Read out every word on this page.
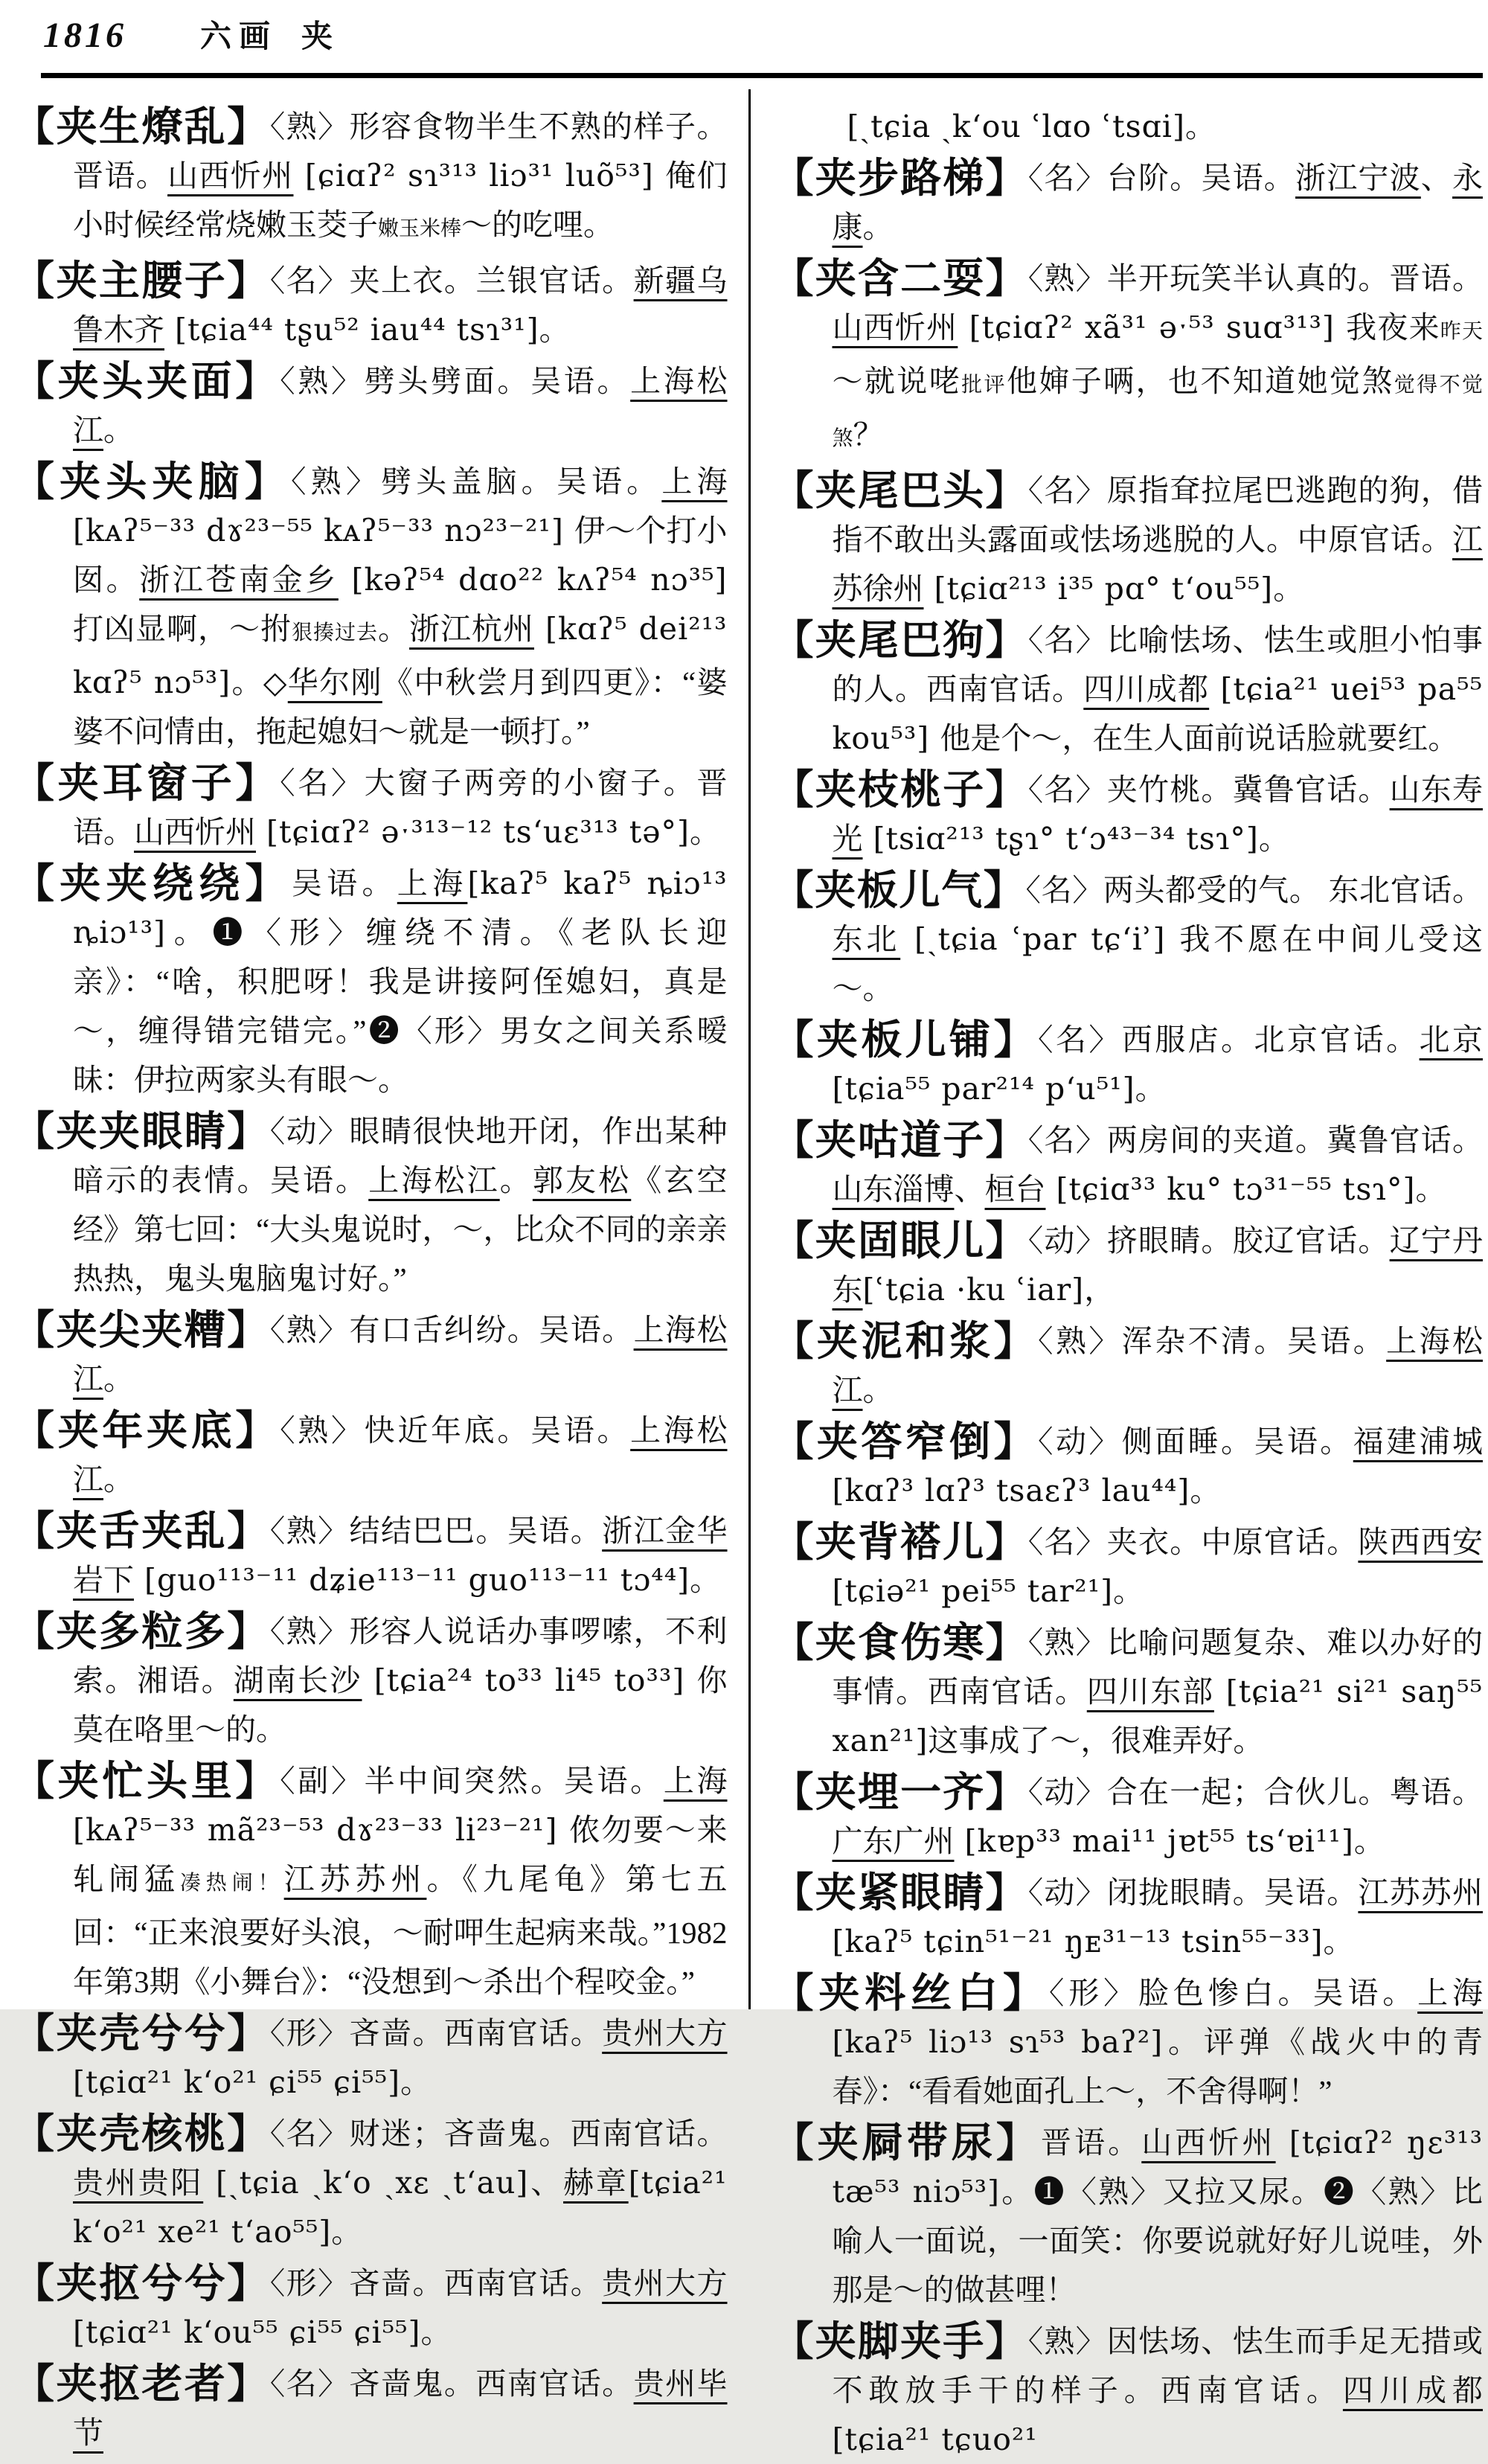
1816 六画 夹

【夹生燎乱】〈熟〉形容食物半生不熟的样子。晋语。山西忻州 [ɕiɑʔ² sɿ³¹³ liɔ³¹ luõ⁵³] 俺们小时候经常烧嫩玉茭子嫩玉米棒～的吃哩。

【夹主腰子】〈名〉夹上衣。兰银官话。新疆乌鲁木齐 [tɕia⁴⁴ tʂu⁵² iau⁴⁴ tsɿ³¹]。

【夹头夹面】〈熟〉劈头劈面。吴语。上海松江。

【夹头夹脑】〈熟〉劈头盖脑。吴语。上海 [kᴀʔ⁵⁻³³ dɤ²³⁻⁵⁵ kᴀʔ⁵⁻³³ nɔ²³⁻²¹] 伊～个打小囡。浙江苍南金乡 [kəʔ⁵⁴ dɑo²² kʌʔ⁵⁴ nɔ³⁵] 打凶显啊，～拊狠揍过去。浙江杭州 [kɑʔ⁵ dei²¹³ kɑʔ⁵ nɔ⁵³]。◇华尔刚《中秋尝月到四更》：“婆婆不问情由，拖起媳妇～就是一顿打。”

【夹耳窗子】〈名〉大窗子两旁的小窗子。晋语。山西忻州 [tɕiɑʔ² əˑ³¹³⁻¹² tsʻuɛ³¹³ tə°]。

【夹夹绕绕】吴语。上海[kaʔ⁵ kaʔ⁵ ȵiɔ¹³ ȵiɔ¹³]。❶〈形〉缠绕不清。《老队长迎亲》：“啥，积肥呀！我是讲接阿侄媳妇，真是～，缠得错完错完。”❷〈形〉男女之间关系暧昧：伊拉两家头有眼～。

【夹夹眼睛】〈动〉眼睛很快地开闭，作出某种暗示的表情。吴语。上海松江。郭友松《玄空经》第七回：“大头鬼说时，～，比众不同的亲亲热热，鬼头鬼脑鬼讨好。”

【夹尖夹糟】〈熟〉有口舌纠纷。吴语。上海松江。

【夹年夹底】〈熟〉快近年底。吴语。上海松江。

【夹舌夹乱】〈熟〉结结巴巴。吴语。浙江金华岩下 [guo¹¹³⁻¹¹ dʑie¹¹³⁻¹¹ guo¹¹³⁻¹¹ tɔ⁴⁴]。

【夹多粒多】〈熟〉形容人说话办事啰嗦，不利索。湘语。湖南长沙 [tɕia²⁴ to³³ li⁴⁵ to³³] 你莫在咯里～的。

【夹忙头里】〈副〉半中间突然。吴语。上海 [kᴀʔ⁵⁻³³ mã²³⁻⁵³ dɤ²³⁻³³ li²³⁻²¹] 侬勿要～来轧闹猛凑热闹！江苏苏州。《九尾龟》第七五回：“正来浪要好头浪，～耐呷生起病来哉。”1982年第3期《小舞台》：“没想到～杀出个程咬金。”

【夹壳兮兮】〈形〉吝啬。西南官话。贵州大方[tɕiɑ²¹ kʻo²¹ ɕi⁵⁵ ɕi⁵⁵]。

【夹壳核桃】〈名〉财迷；吝啬鬼。西南官话。贵州贵阳 [ˏtɕia ˏkʻo ˏxɛ ˎtʻau]、赫章[tɕia²¹ kʻo²¹ xe²¹ tʻao⁵⁵]。

【夹抠兮兮】〈形〉吝啬。西南官话。贵州大方[tɕiɑ²¹ kʻou⁵⁵ ɕi⁵⁵ ɕi⁵⁵]。

【夹抠老者】〈名〉吝啬鬼。西南官话。贵州毕节

[ˏtɕia ˎkʻou ʿlɑo ʿtsɑi]。

【夹步路梯】〈名〉台阶。吴语。浙江宁波、永康。

【夹含二耍】〈熟〉半开玩笑半认真的。晋语。山西忻州 [tɕiɑʔ² xã³¹ əˑ⁵³ suɑ³¹³] 我夜来昨天～就说咾批评他婶子唡，也不知道她觉煞觉得不觉煞？

【夹尾巴头】〈名〉原指耷拉尾巴逃跑的狗，借指不敢出头露面或怯场逃脱的人。中原官话。江苏徐州 [tɕiɑ²¹³ i³⁵ pɑ° tʻou⁵⁵]。

【夹尾巴狗】〈名〉比喻怯场、怯生或胆小怕事的人。西南官话。四川成都 [tɕia²¹ uei⁵³ pa⁵⁵ kou⁵³] 他是个～，在生人面前说话脸就要红。

【夹枝桃子】〈名〉夹竹桃。冀鲁官话。山东寿光 [tsiɑ²¹³ tʂɿ° tʻɔ⁴³⁻³⁴ tsɿ°]。

【夹板儿气】〈名〉两头都受的气。 东北官话。东北 [ˏtɕia ʿpar tɕʻiʾ] 我不愿在中间儿受这～。

【夹板儿铺】〈名〉西服店。北京官话。北京 [tɕia⁵⁵ par²¹⁴ pʻu⁵¹]。

【夹咕道子】〈名〉两房间的夹道。冀鲁官话。山东淄博、桓台 [tɕiɑ³³ ku° tɔ³¹⁻⁵⁵ tsɿ°]。

【夹固眼儿】〈动〉挤眼睛。胶辽官话。辽宁丹东[ʿtɕia ·ku ʿiar]，

【夹泥和浆】〈熟〉浑杂不清。吴语。上海松江。

【夹答窄倒】〈动〉侧面睡。吴语。福建浦城 [kɑʔ³ lɑʔ³ tsaɛʔ³ lau⁴⁴]。

【夹背褡儿】〈名〉夹衣。中原官话。陕西西安[tɕiə²¹ pei⁵⁵ tar²¹]。

【夹食伤寒】〈熟〉比喻问题复杂、难以办好的事情。西南官话。四川东部 [tɕia²¹ si²¹ saŋ⁵⁵ xan²¹]这事成了～，很难弄好。

【夹埋一齐】〈动〉合在一起；合伙儿。粤语。广东广州 [kɐp³³ mai¹¹ jɐt⁵⁵ tsʻɐi¹¹]。

【夹紧眼睛】〈动〉闭拢眼睛。吴语。江苏苏州 [kaʔ⁵ tɕin⁵¹⁻²¹ ŋᴇ³¹⁻¹³ tsin⁵⁵⁻³³]。

【夹料丝白】〈形〉脸色惨白。吴语。上海[kaʔ⁵ liɔ¹³ sɿ⁵³ baʔ²]。评弹《战火中的青春》：“看看她面孔上～，不舍得啊！”

【夹屙带尿】晋语。山西忻州 [tɕiɑʔ² ŋɛ³¹³ tæ⁵³ niɔ⁵³]。❶〈熟〉又拉又尿。❷〈熟〉比喻人一面说，一面笑：你要说就好好儿说哇，外那是～的做甚哩！

【夹脚夹手】〈熟〉因怯场、怯生而手足无措或不敢放手干的样子。西南官话。四川成都 [tɕia²¹ tɕuo²¹
